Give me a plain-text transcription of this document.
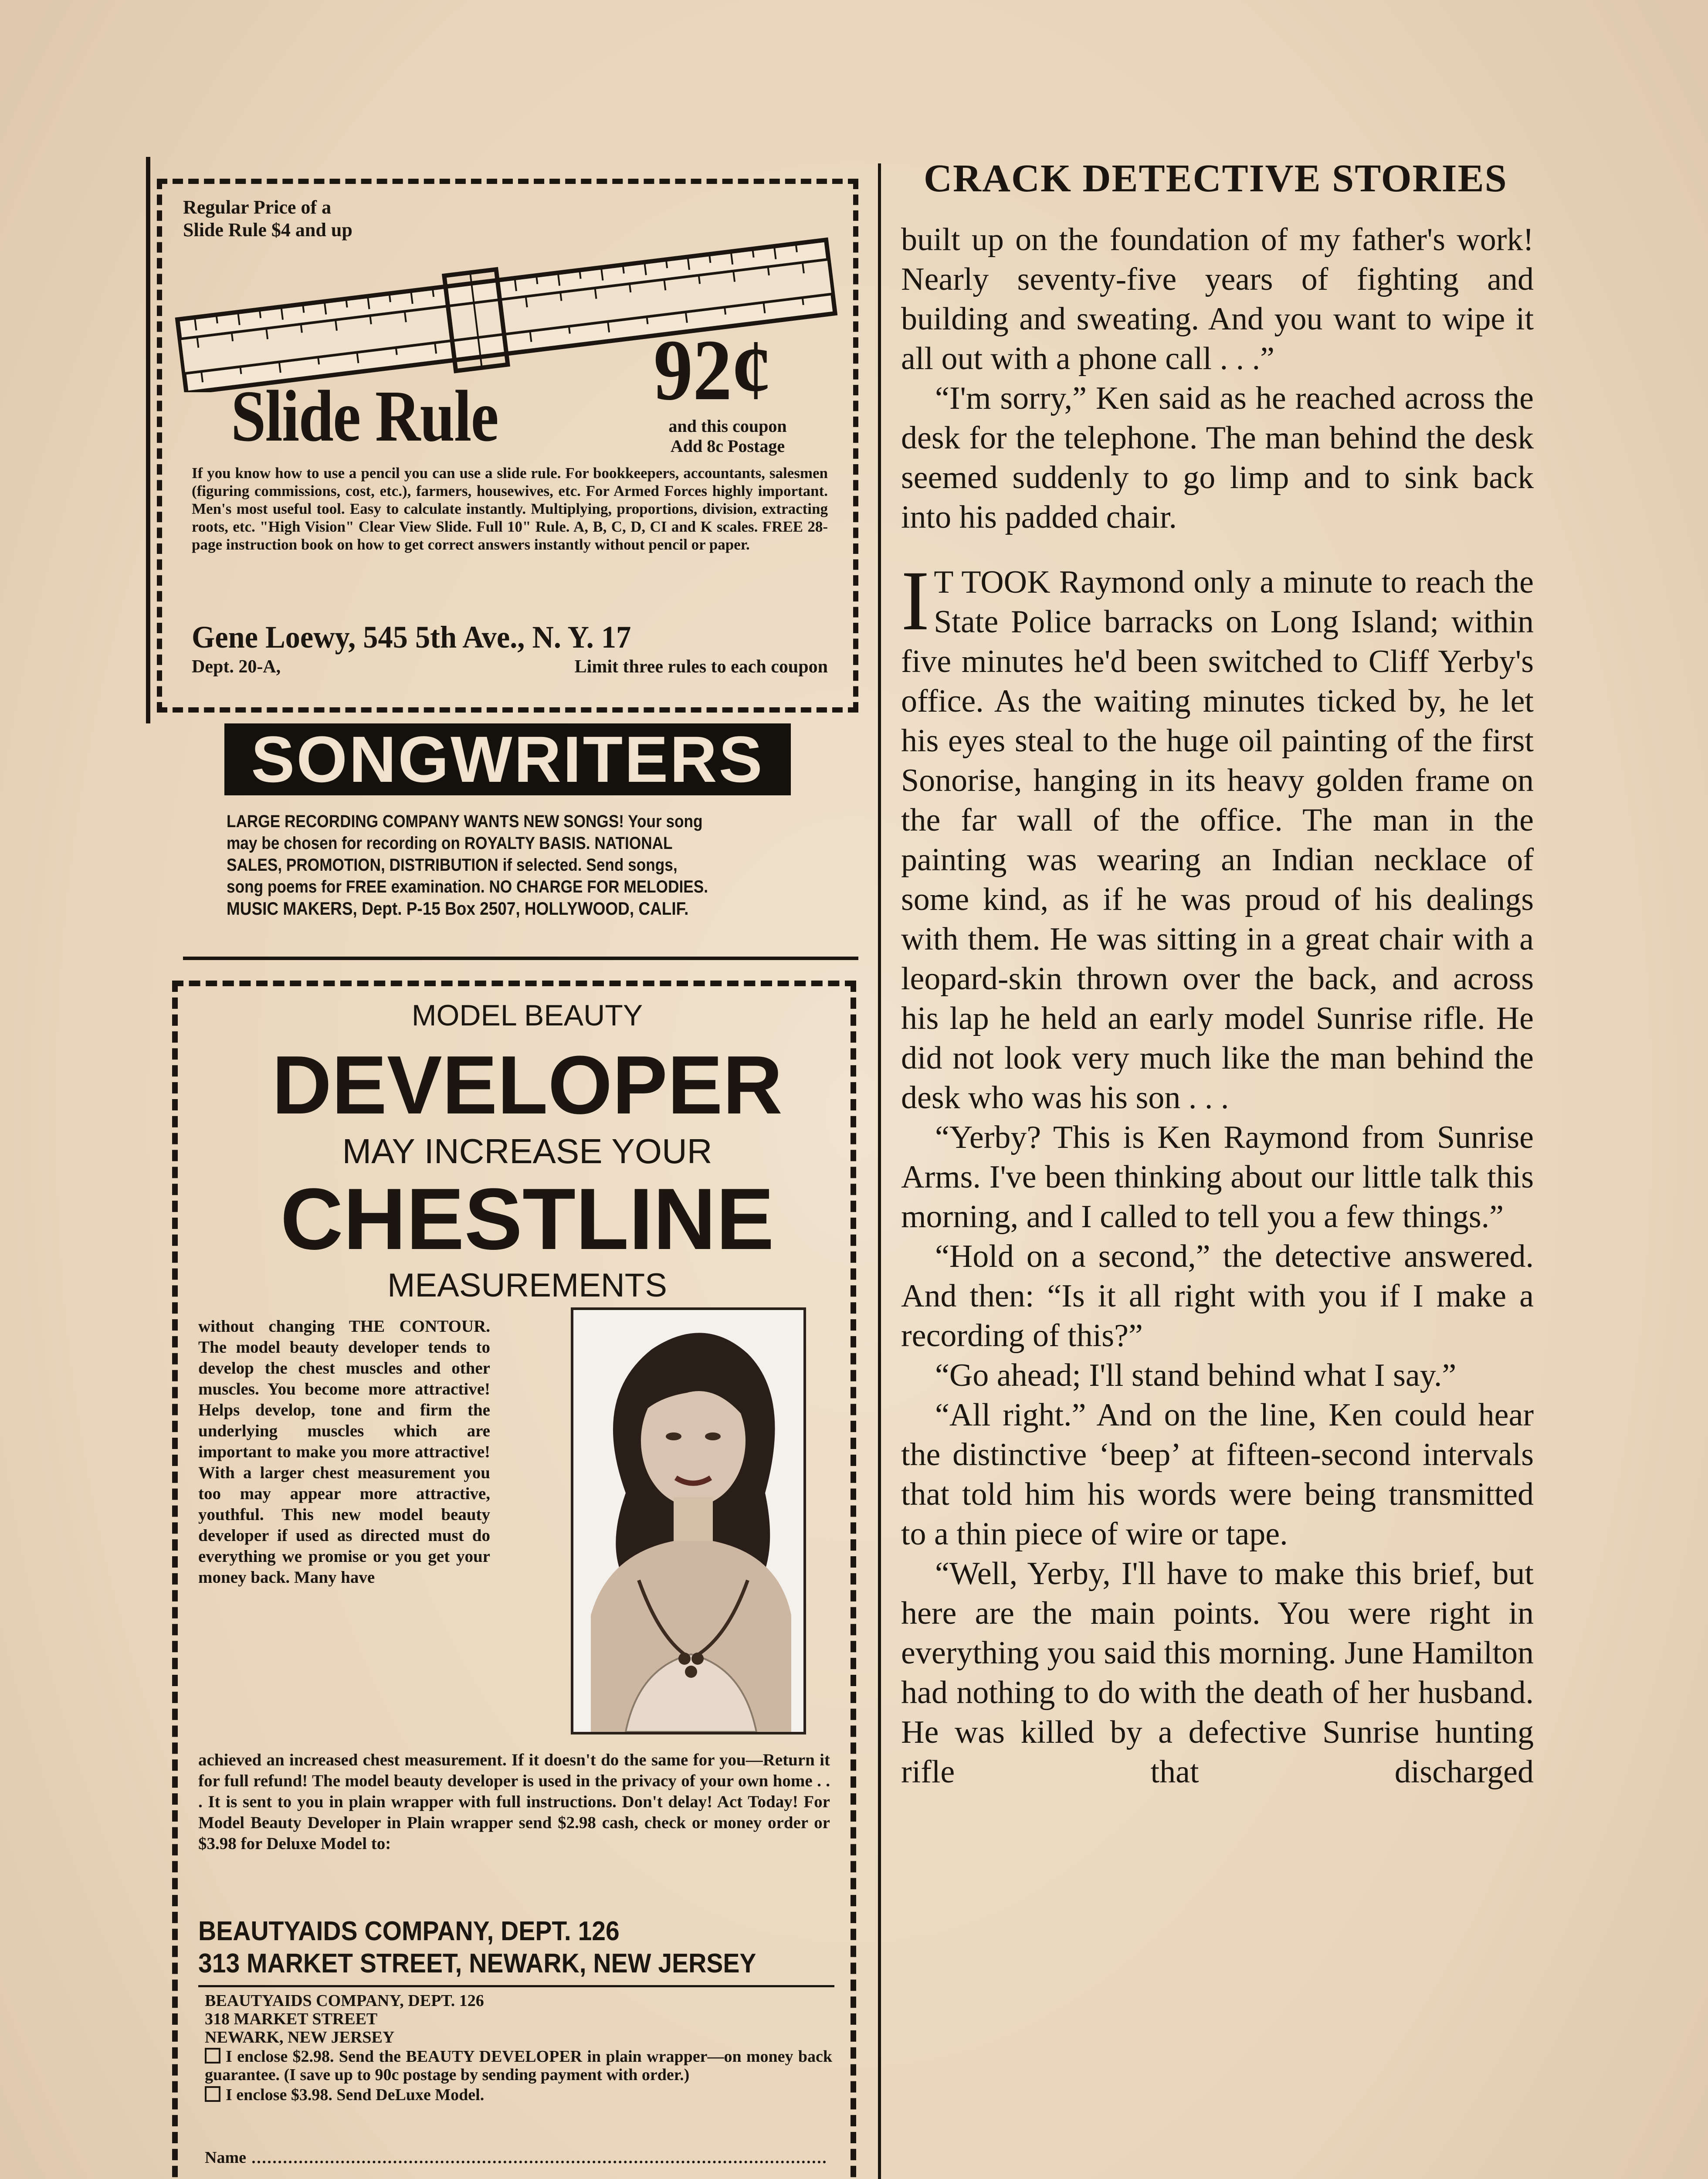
Regular Price of a
Slide Rule $4 and up
Slide Rule 92¢
and this coupon
Add 8c Postage
If you know how to use a pencil you can use a slide rule. For bookkeepers, accountants, salesmen (figuring commissions, cost, etc.), farmers, housewives, etc. For Armed Forces highly important. Men's most useful tool. Easy to calculate instantly. Multiplying, proportions, division, extracting roots, etc. "High Vision" Clear View Slide. Full 10" Rule. A, B, C, D, CI and K scales. FREE 28-page instruction book on how to get correct answers instantly without pencil or paper.
Gene Loewy, 545 5th Ave., N. Y. 17
Dept. 20-A,	Limit three rules to each coupon
SONGWRITERS
LARGE RECORDING COMPANY WANTS NEW SONGS! Your song
may be chosen for recording on ROYALTY BASIS. NATIONAL
SALES, PROMOTION, DISTRIBUTION if selected. Send songs,
song poems for FREE examination. NO CHARGE FOR MELODIES.
MUSIC MAKERS, Dept. P-15 Box 2507, HOLLYWOOD, CALIF.
MODEL BEAUTY
DEVELOPER
MAY INCREASE YOUR
CHESTLINE
MEASUREMENTS
without changing THE CONTOUR. The model beauty developer tends to develop the chest muscles and other muscles. You become more attractive! Helps develop, tone and firm the underlying muscles which are important to make you more attractive! With a larger chest measurement you too may appear more attractive, youthful. This new model beauty developer if used as directed must do everything we promise or you get your money back. Many have
achieved an increased chest measurement. If it doesn't do the same for you—Return it for full refund! The model beauty developer is used in the privacy of your own home . . . It is sent to you in plain wrapper with full instructions. Don't delay! Act Today! For Model Beauty Developer in Plain wrapper send $2.98 cash, check or money order or $3.98 for Deluxe Model to:
BEAUTYAIDS COMPANY, DEPT. 126
313 MARKET STREET, NEWARK, NEW JERSEY

BEAUTYAIDS COMPANY, DEPT. 126

318 MARKET STREET

NEWARK, NEW JERSEY

I enclose $2.98. Send the BEAUTY DEVELOPER in plain wrapper—on money back guarantee. (I save up to 90c postage by sending payment with order.)

I enclose $3.98. Send DeLuxe Model.

Name
CRACK DETECTIVE STORIES

built up on the foundation of my father's work! Nearly seventy-five years of fighting and building and sweating. And you want to wipe it all out with a phone call . . .”

“I'm sorry,” Ken said as he reached across the desk for the telephone. The man behind the desk seemed suddenly to go limp and to sink back into his padded chair.

I T TOOK Raymond only a minute to reach the State Police barracks on Long Island; within five minutes he'd been switched to Cliff Yerby's office. As the waiting minutes ticked by, he let his eyes steal to the huge oil painting of the first Sonorise, hanging in its heavy golden frame on the far wall of the office. The man in the painting was wearing an Indian necklace of some kind, as if he was proud of his dealings with them. He was sitting in a great chair with a leopard-skin thrown over the back, and across his lap he held an early model Sunrise rifle. He did not look very much like the man behind the desk who was his son . . .

“Yerby? This is Ken Raymond from Sunrise Arms. I've been thinking about our little talk this morning, and I called to tell you a few things.”

“Hold on a second,” the detective answered. And then: “Is it all right with you if I make a recording of this?”

“Go ahead; I'll stand behind what I say.”

“All right.” And on the line, Ken could hear the distinctive ‘beep’ at fifteen-second intervals that told him his words were being transmitted to a thin piece of wire or tape.

“Well, Yerby, I'll have to make this brief, but here are the main points. You were right in everything you said this morning. June Hamilton had nothing to do with the death of her husband. He was killed by a defective Sunrise hunting rifle that discharged
